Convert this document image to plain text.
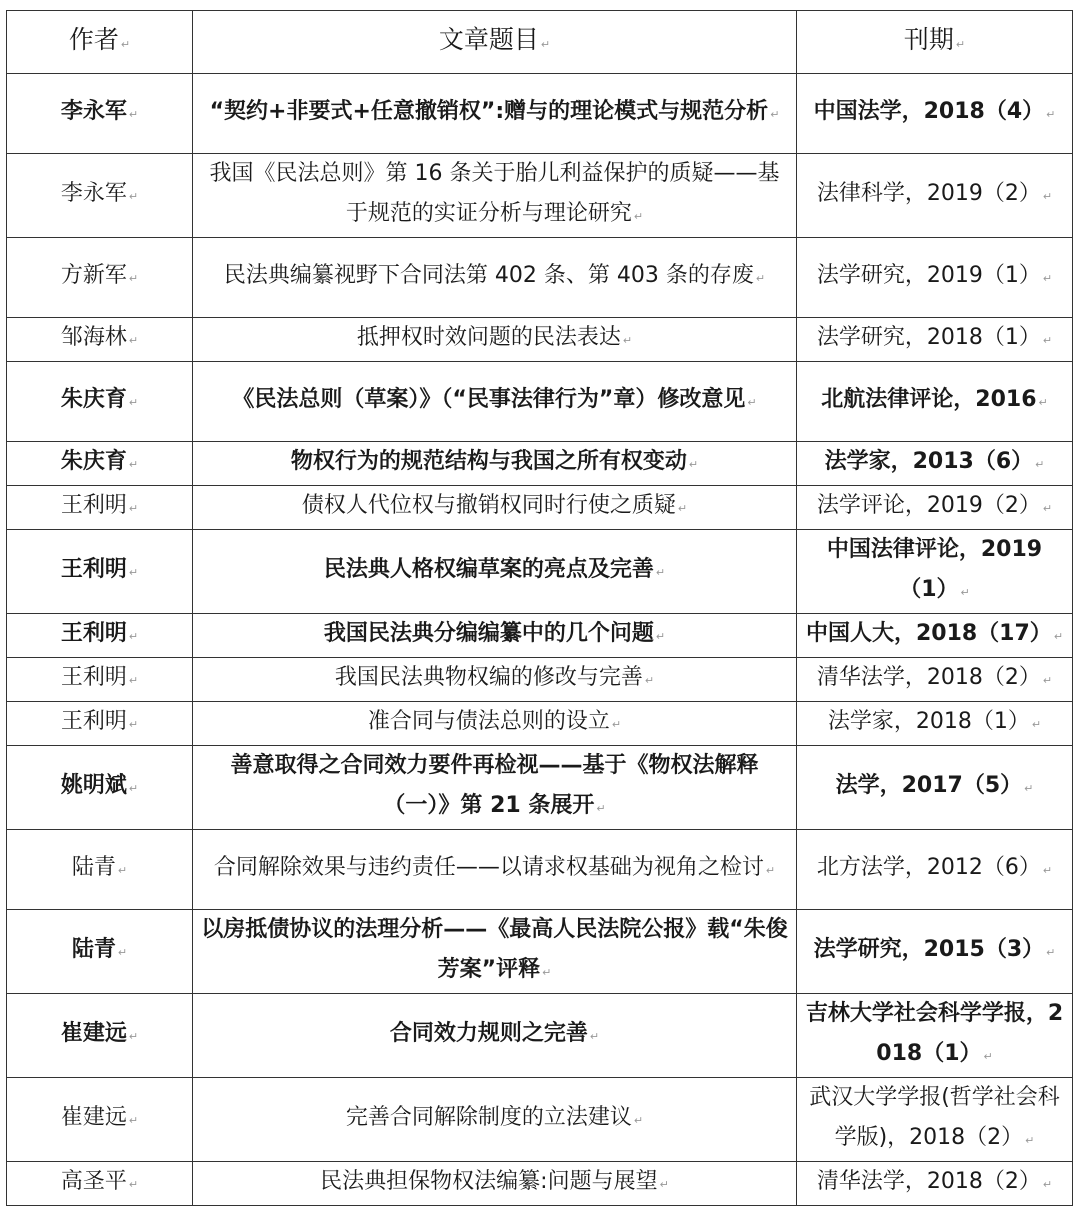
作者 ↵	文章题目 ↵	刊期 ↵
李永军 ↵	“契约+非要式+任意撤销权”:赠与的理论模式与规范分析 ↵	中国法学，2018（4） ↵
李永军 ↵	我国《民法总则》第 16 条关于胎儿利益保护的质疑——基于规范的实证分析与理论研究 ↵	法律科学，2019（2） ↵
方新军 ↵	民法典编纂视野下合同法第 402 条、第 403 条的存废 ↵	法学研究，2019（1） ↵
邹海林 ↵	抵押权时效问题的民法表达 ↵	法学研究，2018（1） ↵
朱庆育 ↵	《民法总则（草案）》（“民事法律行为”章）修改意见 ↵	北航法律评论，2016 ↵
朱庆育 ↵	物权行为的规范结构与我国之所有权变动 ↵	法学家，2013（6） ↵
王利明 ↵	债权人代位权与撤销权同时行使之质疑 ↵	法学评论，2019（2） ↵
王利明 ↵	民法典人格权编草案的亮点及完善 ↵	中国法律评论，2019（1） ↵
王利明 ↵	我国民法典分编编纂中的几个问题 ↵	中国人大，2018（17） ↵
王利明 ↵	我国民法典物权编的修改与完善 ↵	清华法学，2018（2） ↵
王利明 ↵	准合同与债法总则的设立 ↵	法学家，2018（1） ↵
姚明斌 ↵	善意取得之合同效力要件再检视——基于《物权法解释（一）》第 21 条展开 ↵	法学，2017（5） ↵
陆青 ↵	合同解除效果与违约责任——以请求权基础为视角之检讨 ↵	北方法学，2012（6） ↵
陆青 ↵	以房抵债协议的法理分析——《最高人民法院公报》载“朱俊芳案”评释 ↵	法学研究，2015（3） ↵
崔建远 ↵	合同效力规则之完善 ↵	吉林大学社会科学学报，2018（1） ↵
崔建远 ↵	完善合同解除制度的立法建议 ↵	武汉大学学报(哲学社会科学版)，2018（2） ↵
高圣平 ↵	民法典担保物权法编纂:问题与展望 ↵	清华法学，2018（2） ↵
